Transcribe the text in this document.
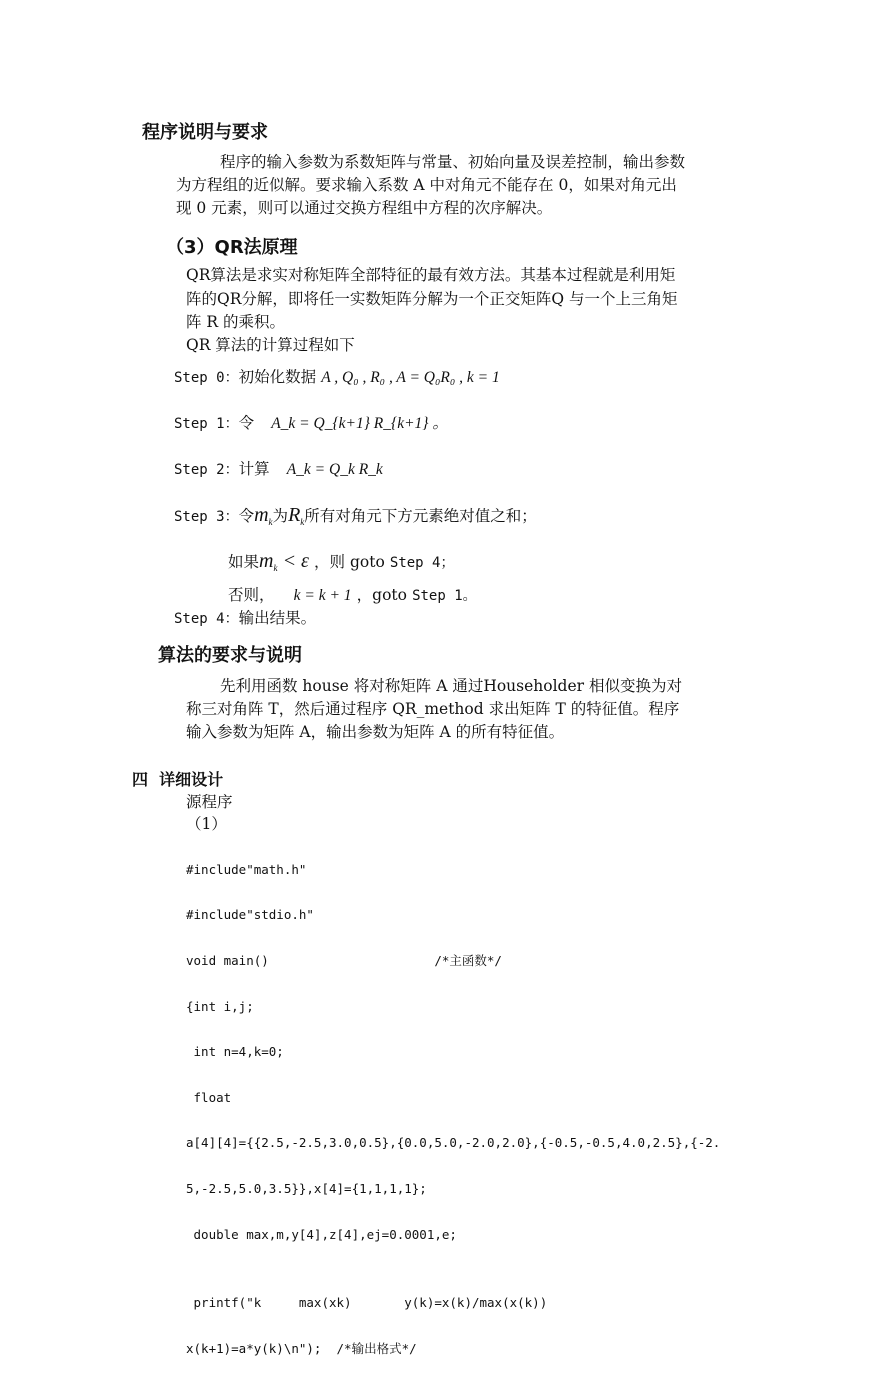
程序说明与要求
程序的输入参数为系数矩阵与常量、初始向量及误差控制，输出参数
为方程组的近似解。要求输入系数 A 中对角元不能存在 0，如果对角元出
现 0 元素，则可以通过交换方程组中方程的次序解决。
（3）QR法原理
QR算法是求实对称矩阵全部特征的最有效方法。其基本过程就是利用矩
阵的QR分解，即将任一实数矩阵分解为一个正交矩阵Q 与一个上三角矩
阵 R 的乘积。
QR 算法的计算过程如下
Step 0：初始化数据 A , Q₀ , R₀ , A = Q₀R₀ , k = 1
Step 1：令 A_k = Q_{k+1} R_{k+1} 。
Step 2：计算 A_k = Q_k R_k
Step 3：令$m_k$为$R_k$所有对角元下方元素绝对值之和；
如果$m_k < \varepsilon$ ，则 goto Step 4；
否则， k = k + 1 ，goto Step 1。
Step 4：输出结果。
算法的要求与说明
先利用函数 house 将对称矩阵 A 通过Householder 相似变换为对
称三对角阵 T，然后通过程序 QR_method 求出矩阵 T 的特征值。程序
输入参数为矩阵 A，输出参数为矩阵 A 的所有特征值。
四  详细设计
源程序
（1）

#include"math.h"

#include"stdio.h"

void main()                      /*主函数*/

{int i,j;

int n=4,k=0;

float

a[4][4]={{2.5,-2.5,3.0,0.5},{0.0,5.0,-2.0,2.0},{-0.5,-0.5,4.0,2.5},{-2.

5,-2.5,5.0,3.5}},x[4]={1,1,1,1};

double max,m,y[4],z[4],ej=0.0001,e;

printf("k     max(xk)       y(k)=x(k)/max(x(k))

x(k+1)=a*y(k)\n");  /*输出格式*/
